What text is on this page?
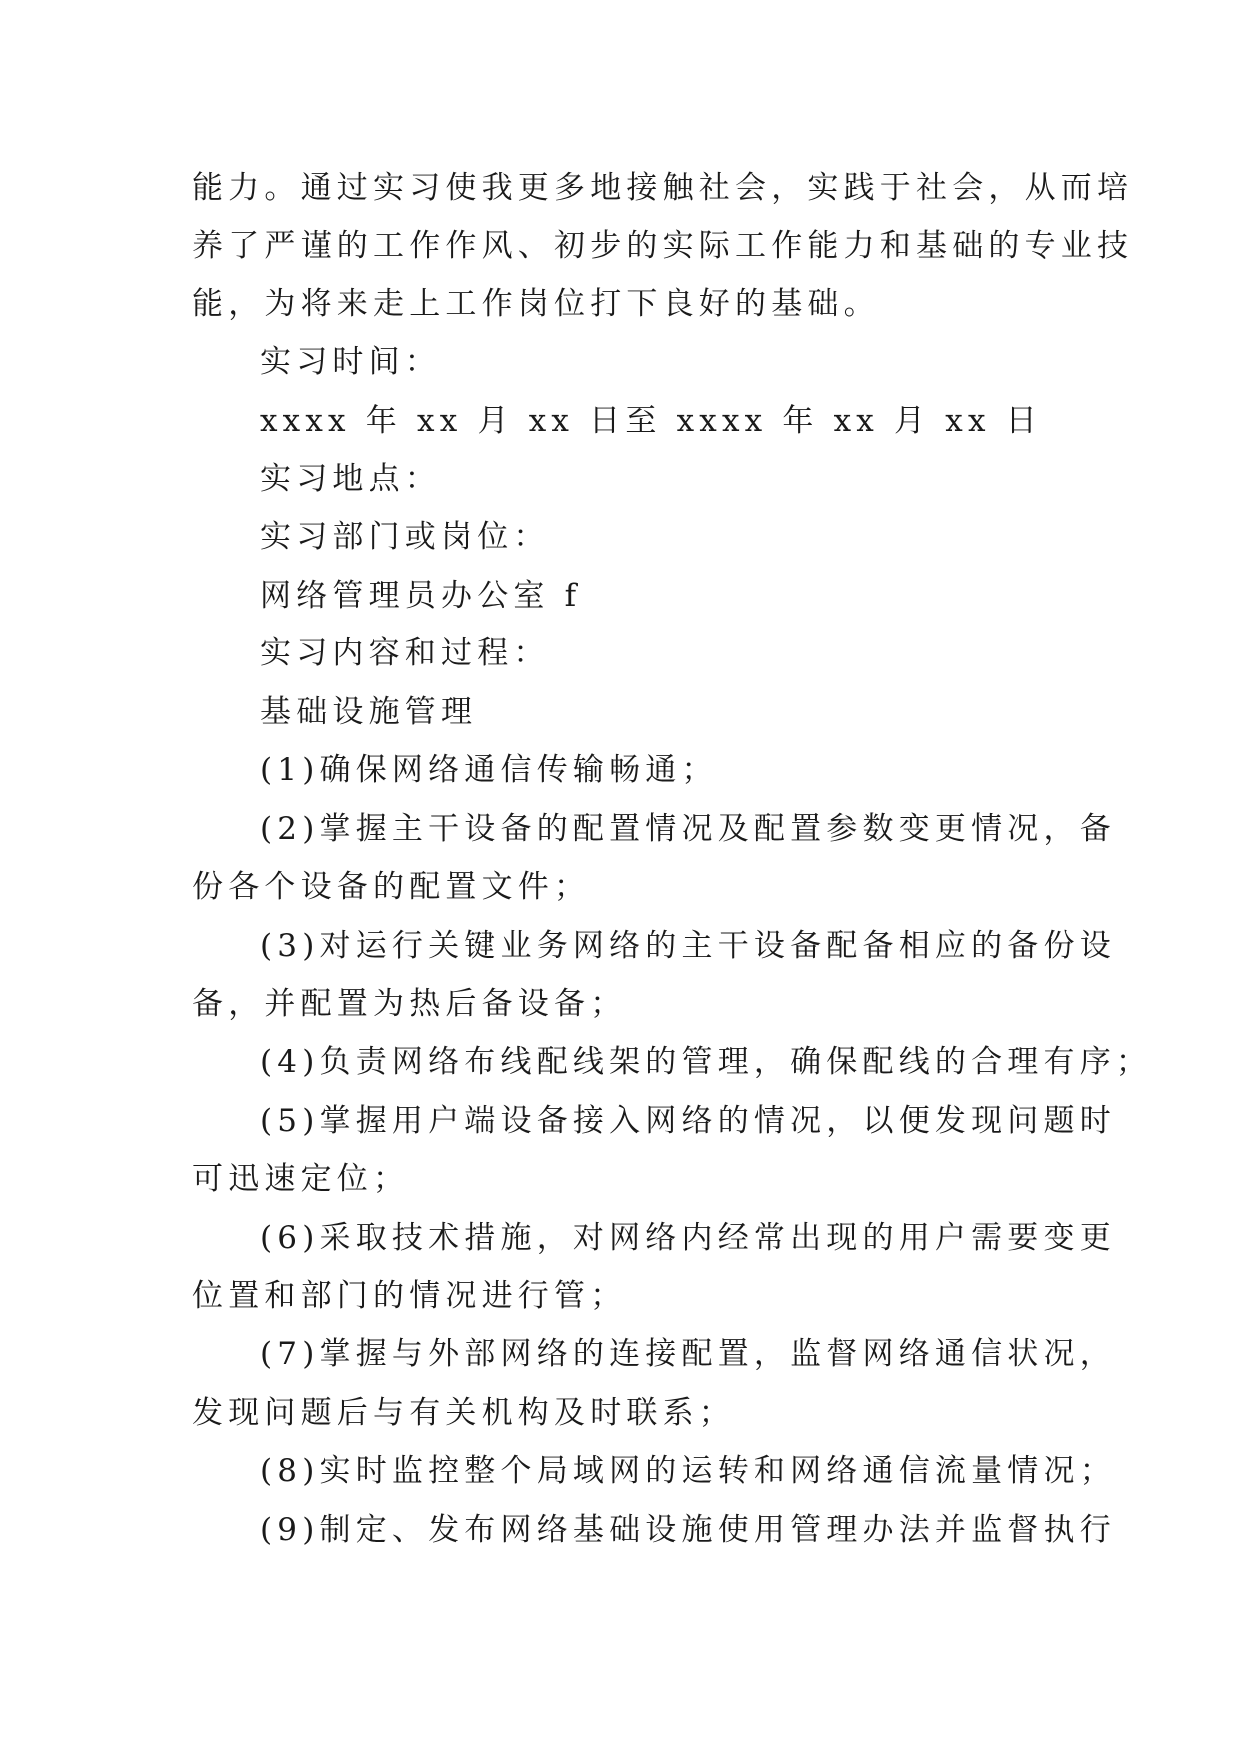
能力。通过实习使我更多地接触社会，实践于社会，从而培
养了严谨的工作作风、初步的实际工作能力和基础的专业技
能，为将来走上工作岗位打下良好的基础。
实习时间：
xxxx 年 xx 月 xx 日至 xxxx 年 xx 月 xx 日
实习地点：
实习部门或岗位：
网络管理员办公室 f
实习内容和过程：
基础设施管理
(1)确保网络通信传输畅通；
(2)掌握主干设备的配置情况及配置参数变更情况，备
份各个设备的配置文件；
(3)对运行关键业务网络的主干设备配备相应的备份设
备，并配置为热后备设备；
(4)负责网络布线配线架的管理，确保配线的合理有序；
(5)掌握用户端设备接入网络的情况，以便发现问题时
可迅速定位；
(6)采取技术措施，对网络内经常出现的用户需要变更
位置和部门的情况进行管；
(7)掌握与外部网络的连接配置，监督网络通信状况，
发现问题后与有关机构及时联系；
(8)实时监控整个局域网的运转和网络通信流量情况；
(9)制定、发布网络基础设施使用管理办法并监督执行
